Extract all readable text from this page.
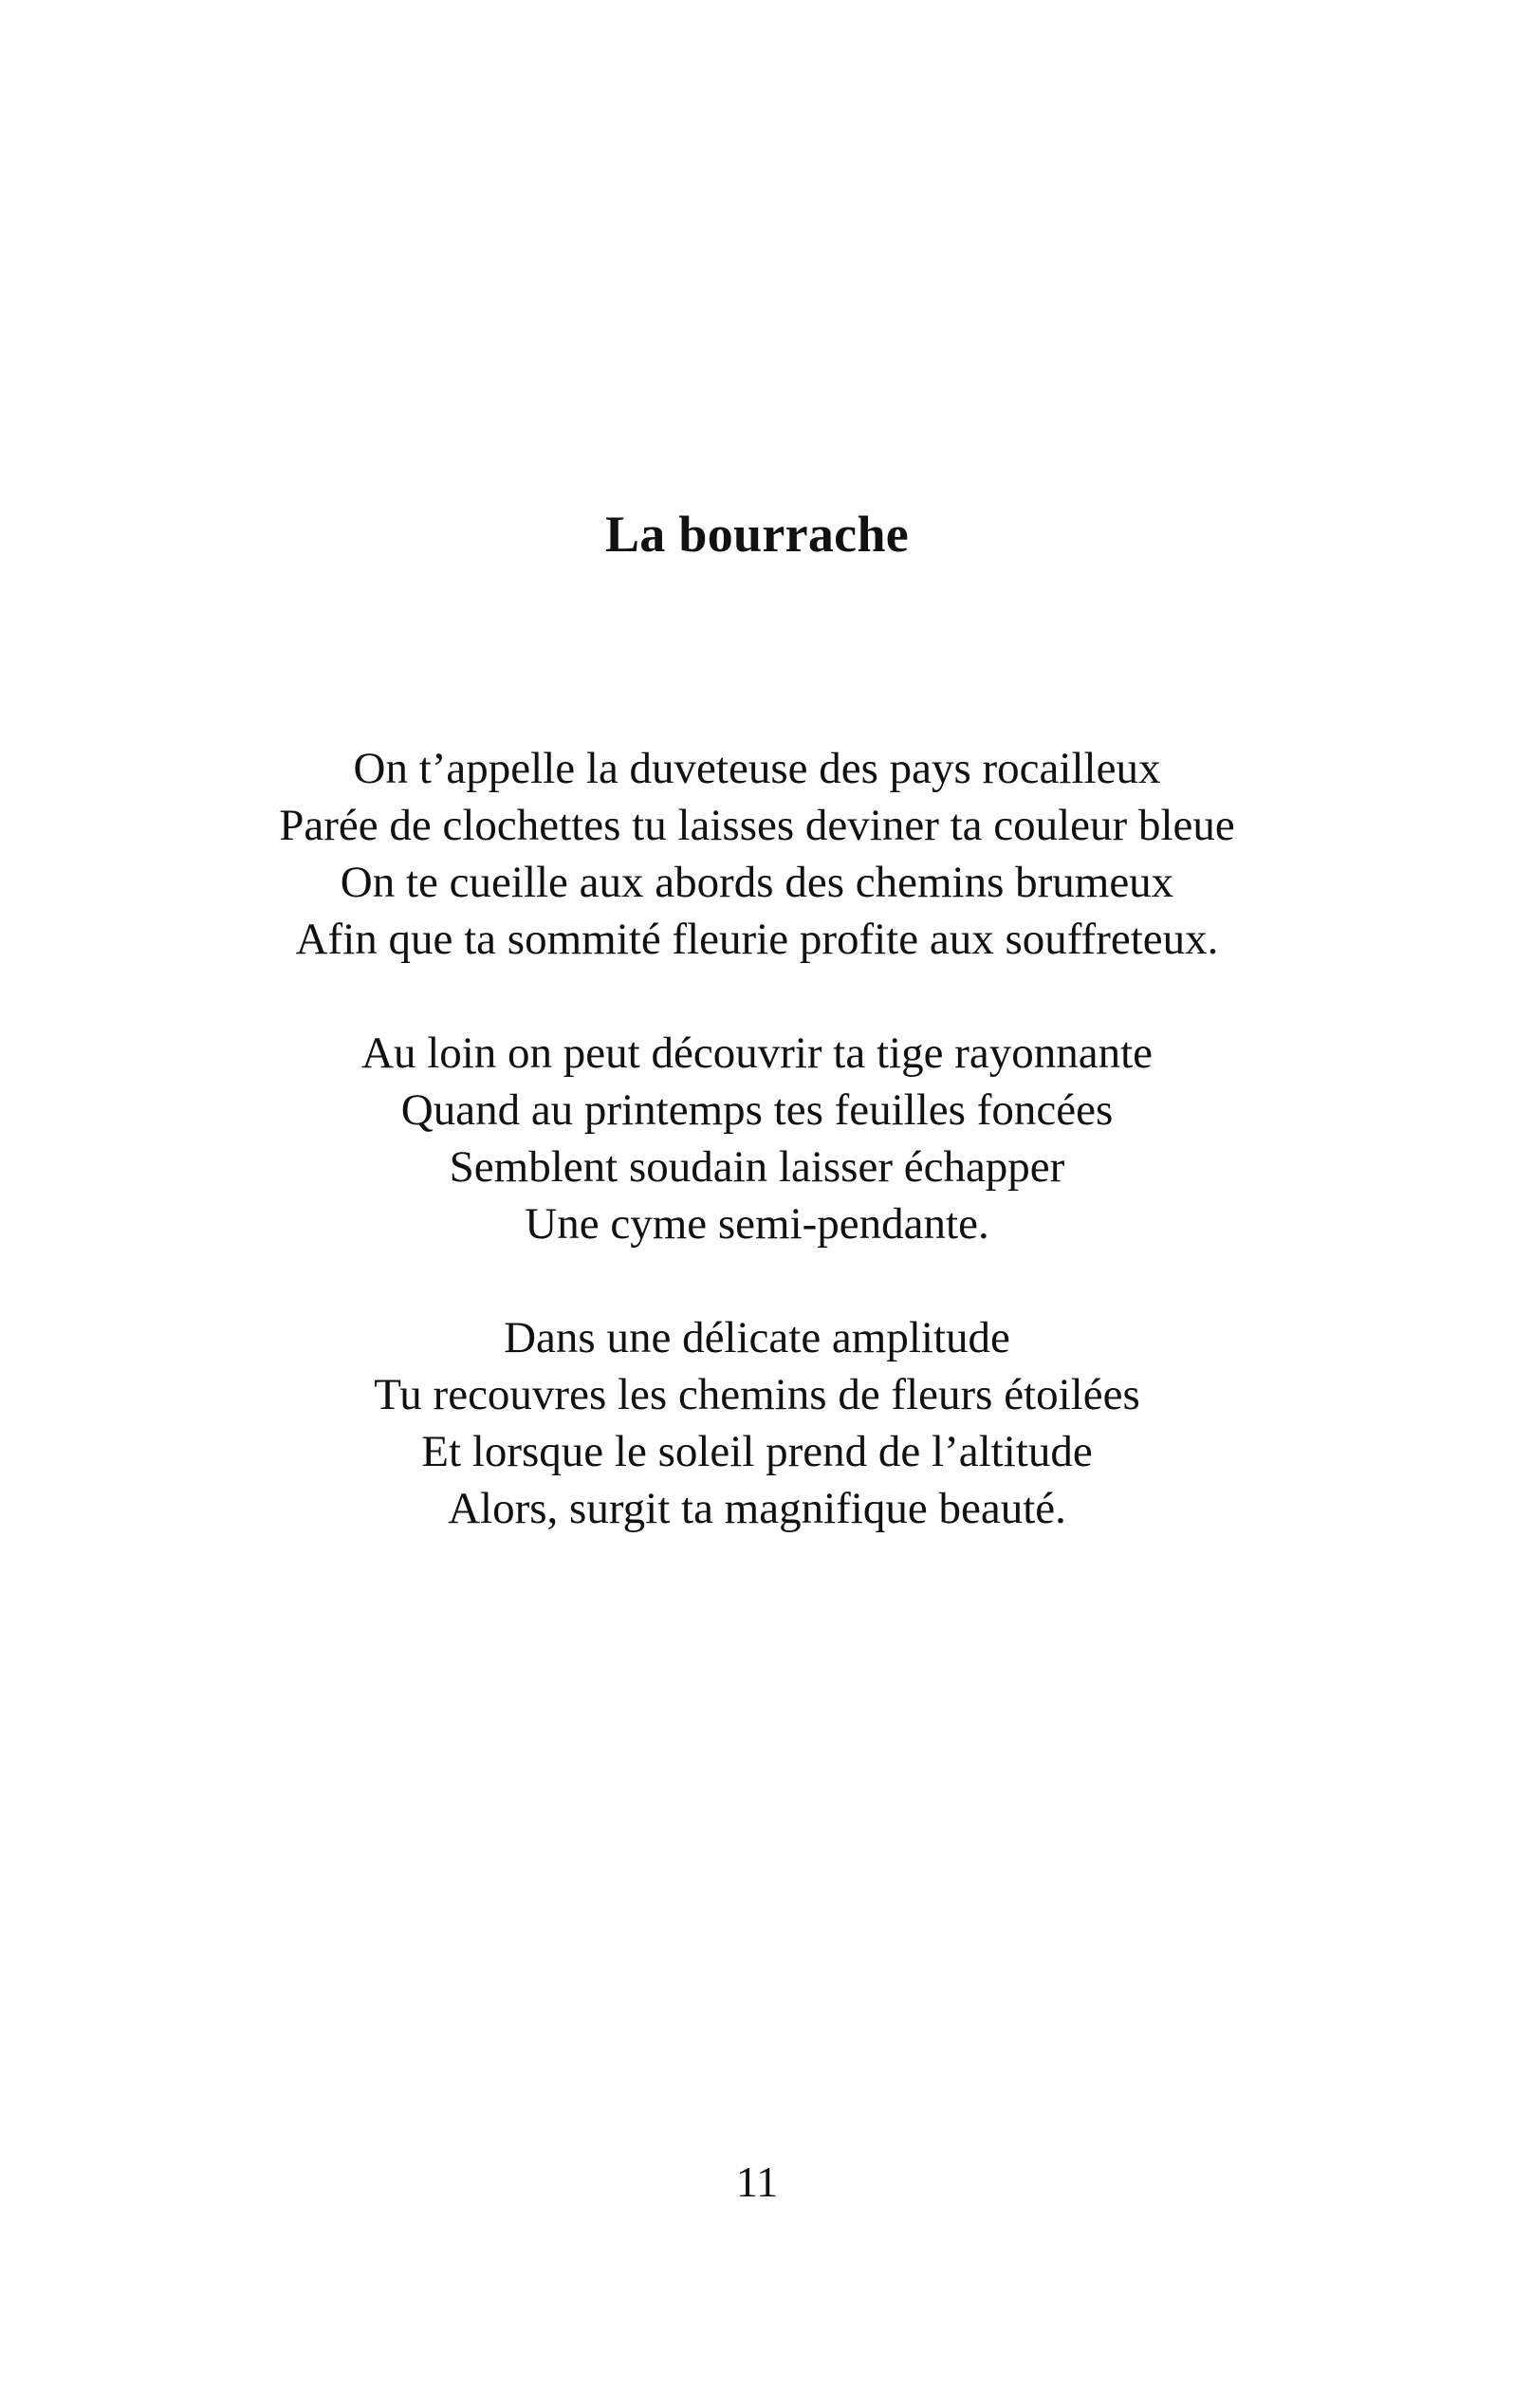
La bourrache
On t’appelle la duveteuse des pays rocailleux
Parée de clochettes tu laisses deviner ta couleur bleue
On te cueille aux abords des chemins brumeux
Afin que ta sommité fleurie profite aux souffreteux.
Au loin on peut découvrir ta tige rayonnante
Quand au printemps tes feuilles foncées
Semblent soudain laisser échapper
Une cyme semi-pendante.
Dans une délicate amplitude
Tu recouvres les chemins de fleurs étoilées
Et lorsque le soleil prend de l’altitude
Alors, surgit ta magnifique beauté.
11
